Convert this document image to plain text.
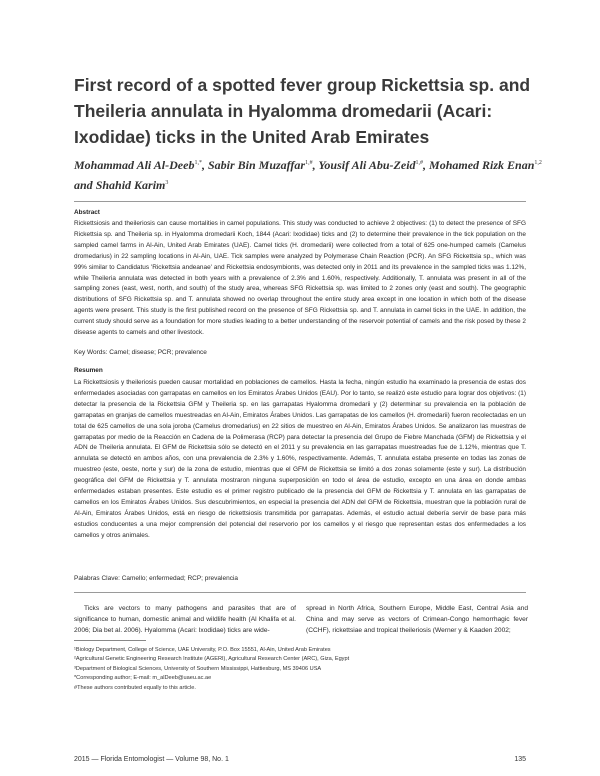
First record of a spotted fever group Rickettsia sp. and Theileria annulata in Hyalomma dromedarii (Acari: Ixodidae) ticks in the United Arab Emirates
Mohammad Ali Al-Deeb$^{1,*}$, Sabir Bin Muzaffar$^{1,\#}$, Yousif Ali Abu-Zeid$^{1,\#}$, Mohamed Rizk Enan$^{1,2}$ and Shahid Karim$^3$
Abstract
Rickettsiosis and theileriosis can cause mortalities in camel populations. This study was conducted to achieve 2 objectives: (1) to detect the presence of SFG Rickettsia sp. and Theileria sp. in Hyalomma dromedarii Koch, 1844 (Acari: Ixodidae) ticks and (2) to determine their prevalence in the tick population on the sampled camel farms in Al-Ain, United Arab Emirates (UAE). Camel ticks (H. dromedarii) were collected from a total of 625 one-humped camels (Camelus dromedarius) in 22 sampling locations in Al-Ain, UAE. Tick samples were analyzed by Polymerase Chain Reaction (PCR). An SFG Rickettsia sp., which was 99% similar to Candidatus 'Rickettsia andeanae' and Rickettsia endosymbionts, was detected only in 2011 and its prevalence in the sampled ticks was 1.12%, while Theileria annulata was detected in both years with a prevalence of 2.3% and 1.60%, respectively. Additionally, T. annulata was present in all of the sampling zones (east, west, north, and south) of the study area, whereas SFG Rickettsia sp. was limited to 2 zones only (east and south). The geographic distributions of SFG Rickettsia sp. and T. annulata showed no overlap throughout the entire study area except in one location in which both of the disease agents were present. This study is the first published record on the presence of SFG Rickettsia sp. and T. annulata in camel ticks in the UAE. In addition, the current study should serve as a foundation for more studies leading to a better understanding of the reservoir potential of camels and the risk posed by these 2 disease agents to camels and other livestock.
Key Words: Camel; disease; PCR; prevalence
Resumen
La Rickettsiosis y theileriosis pueden causar mortalidad en poblaciones de camellos. Hasta la fecha, ningún estudio ha examinado la presencia de estas dos enfermedades asociadas con garrapatas en camellos en los Emiratos Árabes Unidos (EAU). Por lo tanto, se realizó este estudio para lograr dos objetivos: (1) detectar la presencia de la Rickettsia GFM y Theileria sp. en las garrapatas Hyalomma dromedarii y (2) determinar su prevalencia en la población de garrapatas en granjas de camellos muestreadas en Al-Ain, Emiratos Árabes Unidos. Las garrapatas de los camellos (H. dromedarii) fueron recolectadas en un total de 625 camellos de una sola joroba (Camelus dromedarius) en 22 sitios de muestreo en Al-Ain, Emiratos Árabes Unidos. Se analizaron las muestras de garrapatas por medio de la Reacción en Cadena de la Polimerasa (RCP) para detectar la presencia del Grupo de Fiebre Manchada (GFM) de Rickettsia y el ADN de Theileria annulata. El GFM de Rickettsia sólo se detectó en el 2011 y su prevalencia en las garrapatas muestreadas fue de 1.12%, mientras que T. annulata se detectó en ambos años, con una prevalencia de 2.3% y 1.60%, respectivamente. Además, T. annulata estaba presente en todas las zonas de muestreo (este, oeste, norte y sur) de la zona de estudio, mientras que el GFM de Rickettsia se limitó a dos zonas solamente (este y sur). La distribución geográfica del GFM de Rickettsia y T. annulata mostraron ninguna superposición en todo el área de estudio, excepto en una área en donde ambas enfermedades estaban presentes. Este estudio es el primer registro publicado de la presencia del GFM de Rickettsia y T. annulata en las garrapatas de camellos en los Emiratos Árabes Unidos. Sus descubrimientos, en especial la presencia del ADN del GFM de Rickettsia, muestran que la población rural de Al-Ain, Emiratos Árabes Unidos, está en riesgo de rickettsiosis transmitida por garrapatas. Además, el estudio actual debería servir de base para más estudios conducentes a una mejor comprensión del potencial del reservorio por los camellos y el riesgo que representan estas dos enfermedades a los camellos y otros animales.
Palabras Clave: Camello; enfermedad; RCP; prevalencia
Ticks are vectors to many pathogens and parasites that are of significance to human, domestic animal and wildlife health (Al Khalifa et al. 2006; Dia bet al. 2006). Hyalomma (Acari: Ixodidae) ticks are wide-
spread in North Africa, Southern Europe, Middle East, Central Asia and China and may serve as vectors of Crimean-Congo hemorrhagic fever (CCHF), rickettsiae and tropical theileriosis (Werner y & Kaaden 2002;
¹Biology Department, College of Science, UAE University, P.O. Box 15551, Al-Ain, United Arab Emirates
²Agricultural Genetic Engineering Research Institute (AGERI), Agricultural Research Center (ARC), Giza, Egypt
³Department of Biological Sciences, University of Southern Mississippi, Hattiesburg, MS 39406 USA
*Corresponding author; E-mail: m_alDeeb@uaeu.ac.ae
#These authors contributed equally to this article.
2015 — Florida Entomologist — Volume 98, No. 1	135
